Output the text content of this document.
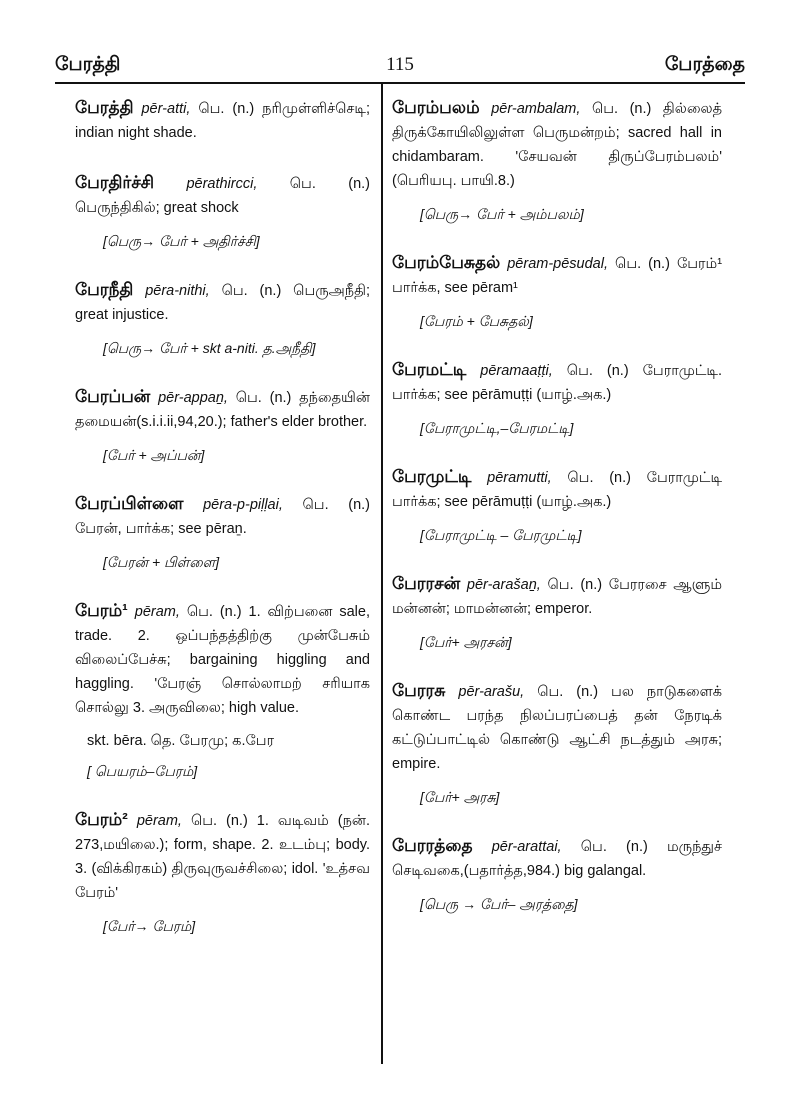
பேரத்தி	115	பேரத்தை
பேரத்தி pēr-atti, பெ. (n.) நரிமுள்ளிச்செடி; indian night shade.
பேரதிர்ச்சி pērathircci, பெ. (n.) பெருந்திகில்; great shock
[பெரு→ பேர் + அதிர்ச்சி]
பேரநீதி pēra-nithi, பெ. (n.) பெருஅநீதி; great injustice.
[பெரு→ பேர் + skt a-niti. த.அநீதி]
பேரப்பன் pēr-appaṉ, பெ. (n.) தந்தையின் தமையன்(s.i.i.ii,94,20.); father's elder brother.
[பேர் + அப்பன்]
பேரப்பிள்ளை pēra-p-piḷḷai, பெ. (n.) பேரன், பார்க்க; see pēraṉ.
[பேரன் + பிள்ளை]
பேரம்¹ pēram, பெ. (n.) 1. விற்பனை sale, trade. 2. ஒப்பந்தத்திற்கு முன்பேசும் விலைப்பேச்சு; bargaining higgling and haggling. 'பேரஞ் சொல்லாமற் சரியாக சொல்லு 3. அருவிலை; high value.
skt. bēra. தெ. பேரமு; க.பேர
[ பெயரம்–பேரம்]
பேரம்² pēram, பெ. (n.) 1. வடிவம் (நன். 273,மயிலை.); form, shape. 2. உடம்பு; body. 3. (விக்கிரகம்) திருவுருவச்சிலை; idol. 'உத்சவ பேரம்'
[பேர்→ பேரம்]
பேரம்பலம் pēr-ambalam, பெ. (n.) தில்லைத் திருக்கோயிலிலுள்ள பெருமன்றம்; sacred hall in chidambaram. 'சேயவன் திருப்பேரம்பலம்' (பெரியபு. பாயி.8.)
[பெரு→ பேர் + அம்பலம்]
பேரம்பேசுதல் pēram-pēsudal, பெ. (n.) பேரம்¹ பார்க்க, see pēram¹
[பேரம் + பேசுதல்]
பேரமட்டி pēramaaṭṭi, பெ. (n.) பேராமுட்டி. பார்க்க; see pērāmuṭṭi (யாழ்.அக.)
[பேராமுட்டி,–பேரமட்டி]
பேரமுட்டி pēramutti, பெ. (n.) பேராமுட்டி பார்க்க; see pērāmuṭṭi (யாழ்.அக.)
[பேராமுட்டி – பேரமுட்டி]
பேரரசன் pēr-arašaṉ, பெ. (n.) பேரரசை ஆளும் மன்னன்; மாமன்னன்; emperor.
[பேர்+ அரசன்]
பேரரசு pēr-arašu, பெ. (n.) பல நாடுகளைக் கொண்ட பரந்த நிலப்பரப்பைத் தன் நேரடிக் கட்டுப்பாட்டில் கொண்டு ஆட்சி நடத்தும் அரசு; empire.
[பேர்+ அரசு]
பேரரத்தை pēr-arattai, பெ. (n.) மருந்துச் செடிவகை,(பதார்த்த,984.) big galangal.
[பெரு → பேர்– அரத்தை]
